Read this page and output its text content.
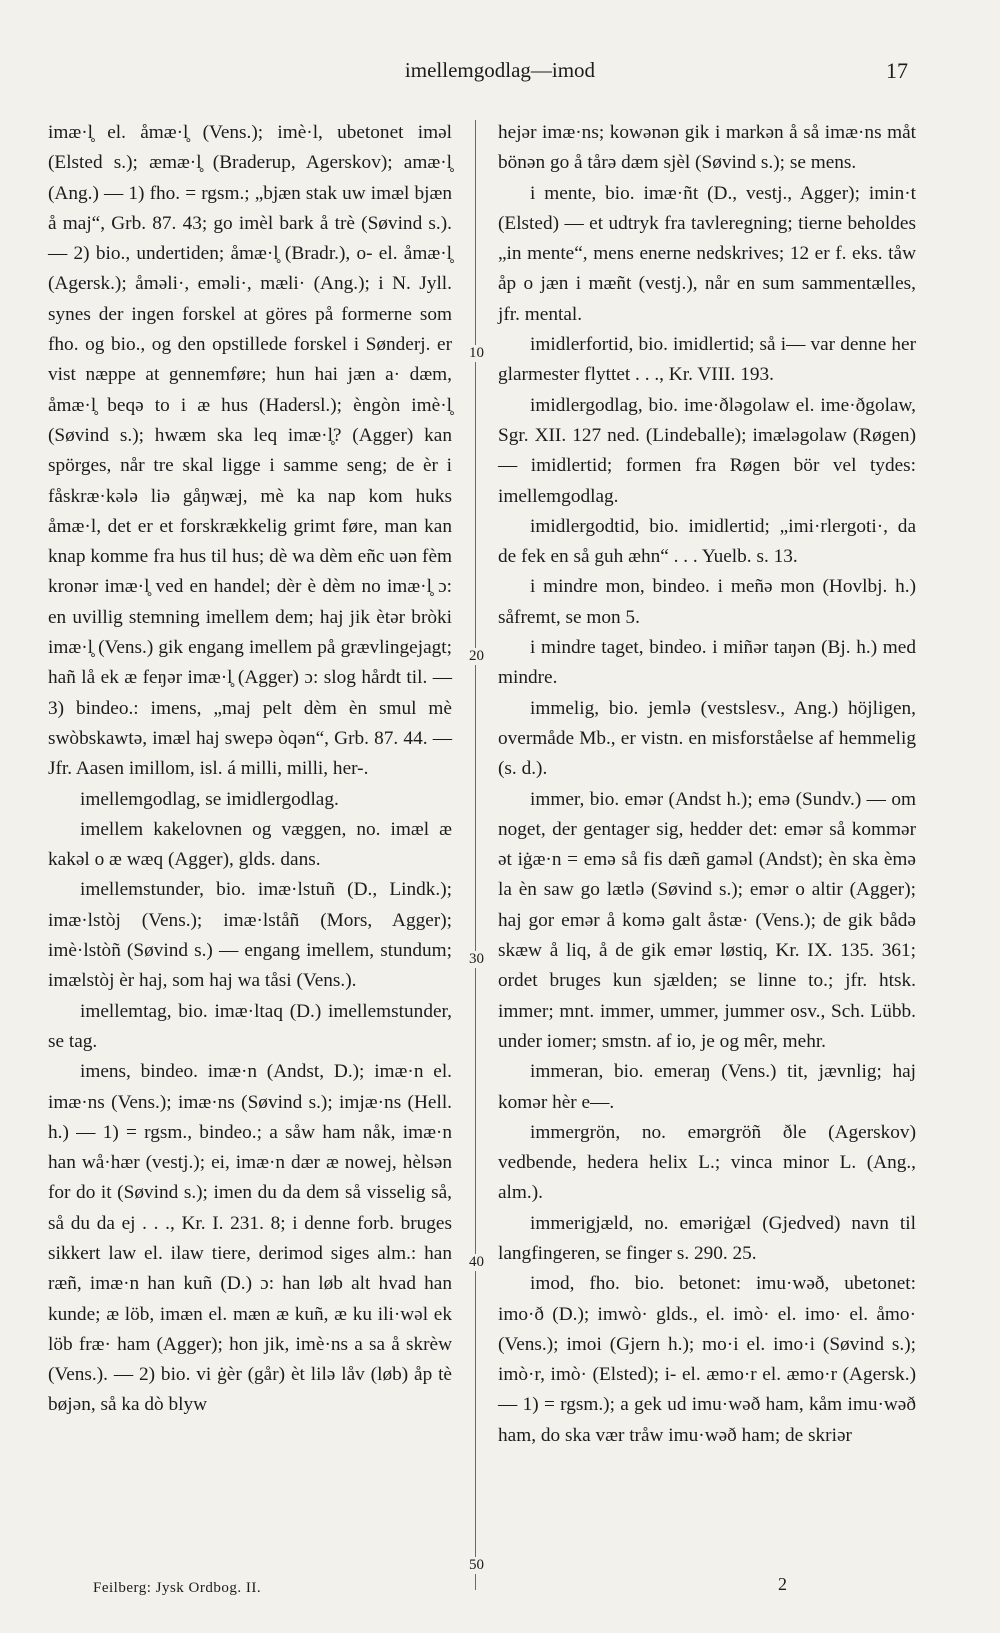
imellemgodlag—imod	17

imæ·l̥ el. åmæ·l̥ (Vens.); imè·l, ubetonet imǝl (Elsted s.); æmæ·l̥ (Braderup, Agerskov); amæ·l̥ (Ang.) — 1) fho. = rgsm.; „bjæn stak uw imæl bjæn å maj“, Grb. 87. 43; go imèl bark å trè (Søvind s.). — 2) bio., undertiden; åmæ·l̥ (Bradr.), o- el. åmæ·l̥ (Agersk.); åmǝli·, emǝli·, mæli· (Ang.); i N. Jyll. synes der ingen forskel at göres på formerne som fho. og bio., og den opstillede forskel i Sønderj. er vist næppe at gennemføre; hun hai jæn a· dæm, åmæ·l̥ beqǝ to i æ hus (Hadersl.); èngòn imè·l̥ (Søvind s.); hwæm ska leq imæ·l̥? (Agger) kan spörges, når tre skal ligge i samme seng; de èr i fåskræ·kǝlǝ liǝ gåŋwæj, mè ka nap kom huks åmæ·l, det er et forskrækkelig grimt føre, man kan knap komme fra hus til hus; dè wa dèm eñc uǝn fèm kronǝr imæ·l̥ ved en handel; dèr è dèm no imæ·l̥ ɔ: en uvillig stemning imellem dem; haj jik ètǝr bròki imæ·l̥ (Vens.) gik engang imellem på grævlingejagt; hañ lå ek æ feŋǝr imæ·l̥ (Agger) ɔ: slog hårdt til. — 3) bindeo.: imens, „maj pelt dèm èn smul mè swòbskawtǝ, imæl haj swepǝ òqǝn“, Grb. 87. 44. — Jfr. Aasen imillom, isl. á milli, milli, her-.

imellemgodlag, se imidlergodlag.

imellem kakelovnen og væggen, no. imæl æ kakǝl o æ wæq (Agger), glds. dans.

imellemstunder, bio. imæ·lstuñ (D., Lindk.); imæ·lstòj (Vens.); imæ·lståñ (Mors, Agger); imè·lstòñ (Søvind s.) — engang imellem, stundum; imælstòj èr haj, som haj wa tåsi (Vens.).

imellemtag, bio. imæ·ltaq (D.) imellemstunder, se tag.

imens, bindeo. imæ·n (Andst, D.); imæ·n el. imæ·ns (Vens.); imæ·ns (Søvind s.); imjæ·ns (Hell. h.) — 1) = rgsm., bindeo.; a såw ham nåk, imæ·n han wå·hær (vestj.); ei, imæ·n dær æ nowej, hèlsǝn for do it (Søvind s.); imen du da dem så visselig så, så du da ej . . ., Kr. I. 231. 8; i denne forb. bruges sikkert law el. ilaw tiere, derimod siges alm.: han ræñ, imæ·n han kuñ (D.) ɔ: han løb alt hvad han kunde; æ löb, imæn el. mæn æ kuñ, æ ku ili·wǝl ek löb fræ· ham (Agger); hon jik, imè·ns a sa å skrèw (Vens.). — 2) bio. vi ġèr (går) èt lilǝ låv (løb) åp tè bøjǝn, så ka dò blyw

10
20
30
40
50

hejǝr imæ·ns; kowǝnǝn gik i markǝn å så imæ·ns måt bönǝn go å tårǝ dæm sjèl (Søvind s.); se mens.

i mente, bio. imæ·ñt (D., vestj., Agger); imin·t (Elsted) — et udtryk fra tavleregning; tierne beholdes „in mente“, mens enerne nedskrives; 12 er f. eks. tåw åp o jæn i mæñt (vestj.), når en sum sammentælles, jfr. mental.

imidlerfortid, bio. imidlertid; så i— var denne her glarmester flyttet . . ., Kr. VIII. 193.

imidlergodlag, bio. ime·ðlǝgolaw el. ime·ðgolaw, Sgr. XII. 127 ned. (Lindeballe); imælǝgolaw (Røgen) — imidlertid; formen fra Røgen bör vel tydes: imellemgodlag.

imidlergodtid, bio. imidlertid; „imi·rlergoti·, da de fek en så guh æhn“ . . . Yuelb. s. 13.

i mindre mon, bindeo. i meñǝ mon (Hovlbj. h.) såfremt, se mon 5.

i mindre taget, bindeo. i miñǝr taŋǝn (Bj. h.) med mindre.

immelig, bio. jemlǝ (vestslesv., Ang.) höjligen, overmåde Mb., er vistn. en misforståelse af hemmelig (s. d.).

immer, bio. emǝr (Andst h.); emǝ (Sundv.) — om noget, der gentager sig, hedder det: emǝr så kommǝr ǝt iġæ·n = emǝ så fis dæñ gamǝl (Andst); èn ska èmǝ la èn saw go lætlǝ (Søvind s.); emǝr o altir (Agger); haj gor emǝr å komǝ galt åstæ· (Vens.); de gik bådǝ skæw å liq, å de gik emǝr løstiq, Kr. IX. 135. 361; ordet bruges kun sjælden; se linne to.; jfr. htsk. immer; mnt. immer, ummer, jummer osv., Sch. Lübb. under iomer; smstn. af io, je og mêr, mehr.

immeran, bio. emeraŋ (Vens.) tit, jævnlig; haj komǝr hèr e—.

immergrön, no. emǝrgröñ ðle (Agerskov) vedbende, hedera helix L.; vinca minor L. (Ang., alm.).

immerigjæld, no. emǝriġæl (Gjedved) navn til langfingeren, se finger s. 290. 25.

imod, fho. bio. betonet: imu·wǝð, ubetonet: imo·ð (D.); imwò· glds., el. imò· el. imo· el. åmo· (Vens.); imoi (Gjern h.); mo·i el. imo·i (Søvind s.); imò·r, imò· (Elsted); i- el. æmo·r el. æmo·r (Agersk.) — 1) = rgsm.); a gek ud imu·wǝð ham, kåm imu·wǝð ham, do ska vær tråw imu·wǝð ham; de skriǝr

Feilberg: Jysk Ordbog. II.	2
